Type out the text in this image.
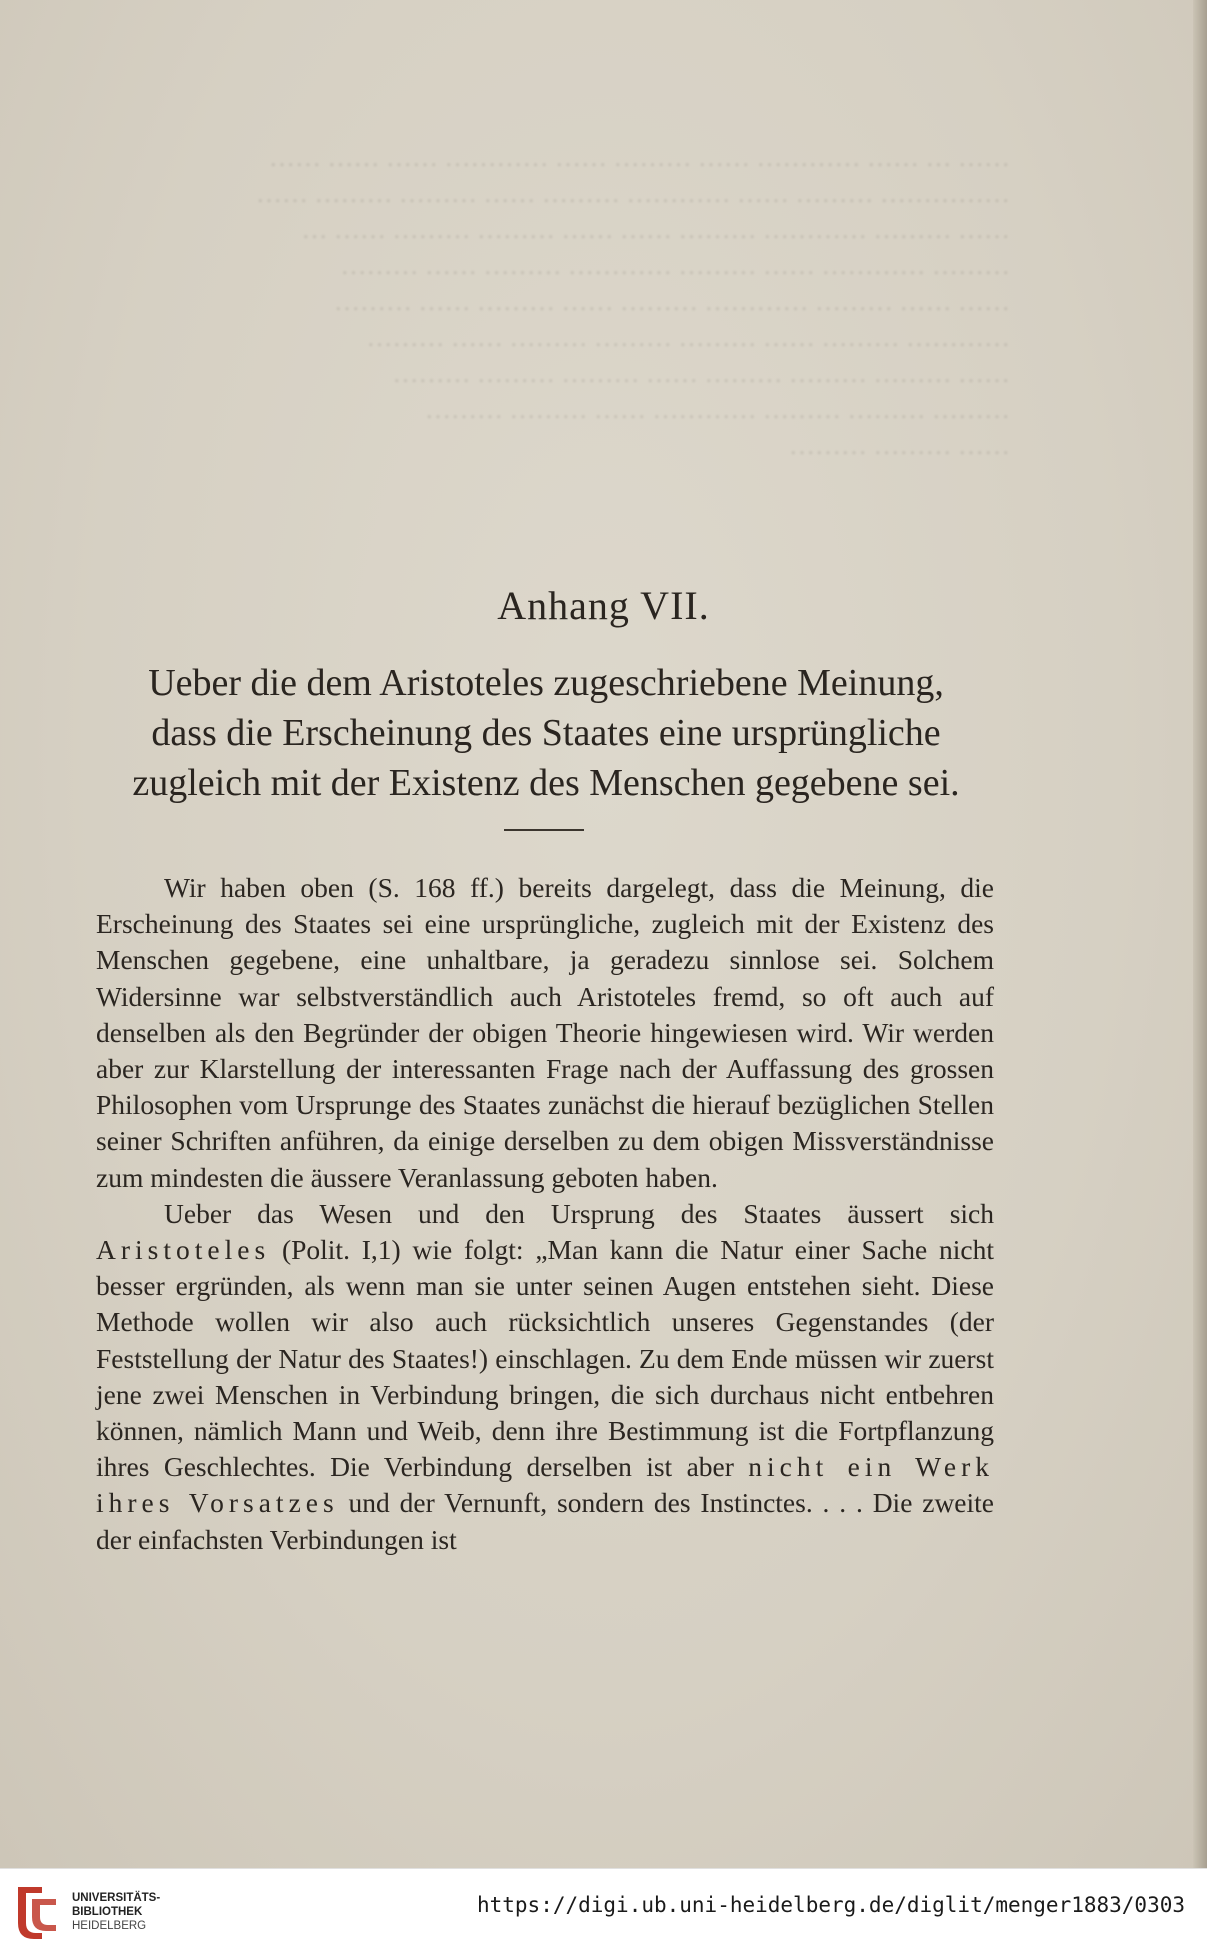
…… … …… ………… …… ……… …… ………… …… …… ……
…………… ……… …… ………… ……… …… ……… ……… ……
…… ……… ………… ……… …… …… ……… ……… …… …
……… ………… …… ……… ………… ……… …… ………
…… …… ……… ………… ……… …… ……… …… ………
………… ……… …… ……… ……… ……… …… ………
…… ……… ……… ……… …… ……… ……… ………
……… ……… ……… ………… …… ……… ………
…… ……… ………
Anhang VII.
Ueber die dem Aristoteles zugeschriebene Meinung,
dass die Erscheinung des Staates eine ursprüngliche
zugleich mit der Existenz des Menschen gegebene sei.

Wir haben oben (S. 168 ff.) bereits dargelegt, dass die Meinung, die Erscheinung des Staates sei eine ursprüngliche, zugleich mit der Existenz des Menschen gegebene, eine unhaltbare, ja geradezu sinnlose sei. Solchem Widersinne war selbstverständlich auch Aristoteles fremd, so oft auch auf denselben als den Begründer der obigen Theorie hingewiesen wird. Wir werden aber zur Klarstellung der interessanten Frage nach der Auffassung des grossen Philosophen vom Ursprunge des Staates zunächst die hierauf bezüglichen Stellen seiner Schriften anführen, da einige derselben zu dem obigen Missverständnisse zum mindesten die äussere Veranlassung geboten haben.

Ueber das Wesen und den Ursprung des Staates äussert sich Aristoteles (Polit. I,1) wie folgt: „Man kann die Natur einer Sache nicht besser ergründen, als wenn man sie unter seinen Augen entstehen sieht. Diese Methode wollen wir also auch rücksichtlich unseres Gegenstandes (der Feststellung der Natur des Staates!) einschlagen. Zu dem Ende müssen wir zuerst jene zwei Menschen in Verbindung bringen, die sich durchaus nicht entbehren können, nämlich Mann und Weib, denn ihre Bestimmung ist die Fortpflanzung ihres Geschlechtes. Die Verbindung derselben ist aber nicht ein Werk ihres Vorsatzes und der Vernunft, sondern des Instinctes. . . . Die zweite der einfachsten Verbindungen ist

UNIVERSITÄTS-
BIBLIOTHEK
HEIDELBERG
https://digi.ub.uni-heidelberg.de/diglit/menger1883/0303
